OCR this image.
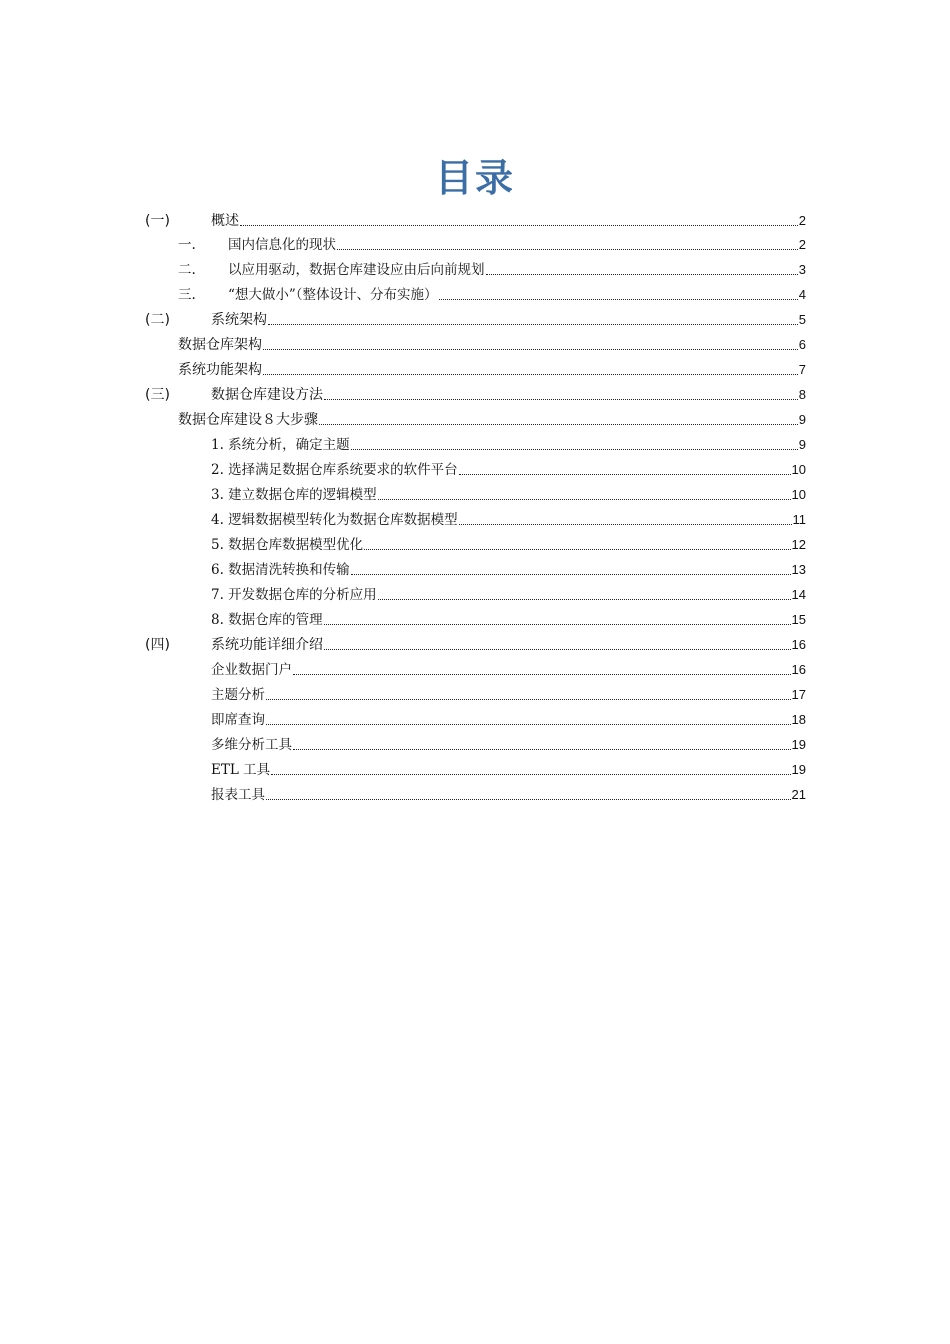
目录
(一)	概述	2
一.	国内信息化的现状	2
二.	以应用驱动，数据仓库建设应由后向前规划	3
三.	“想大做小”（整体设计、分布实施）	4
(二)	系统架构	5
数据仓库架构	6
系统功能架构	7
(三)	数据仓库建设方法	8
数据仓库建设８大步骤	9
1. 系统分析，确定主题	9
2. 选择满足数据仓库系统要求的软件平台	10
3. 建立数据仓库的逻辑模型	10
4. 逻辑数据模型转化为数据仓库数据模型	11
5. 数据仓库数据模型优化	12
6. 数据清洗转换和传输	13
7. 开发数据仓库的分析应用	14
8. 数据仓库的管理	15
(四)	系统功能详细介绍	16
企业数据门户	16
主题分析	17
即席查询	18
多维分析工具	19
ETL 工具	19
报表工具	21
